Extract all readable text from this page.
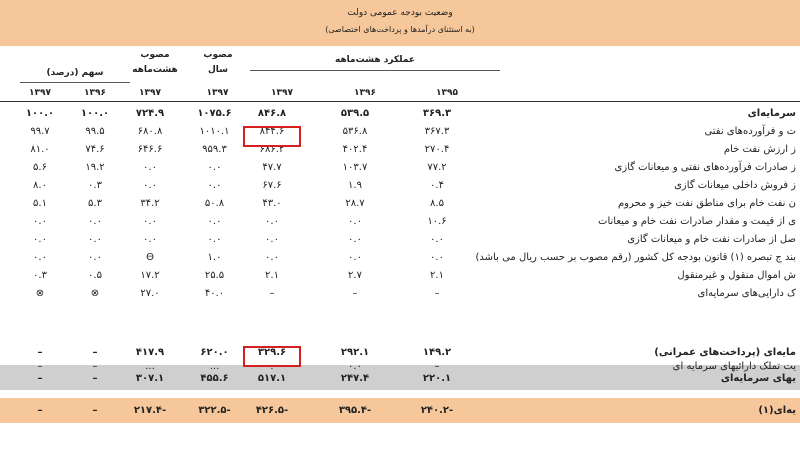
وضعیت بودجه عمومی دولت
(به استثنای درآمدها و پرداخت‌های اختصاصی)
سهم (درصد)
مصوب هشت‌ماهه
مصوب سال
عملکرد هشت‌ماهه
۱۳۹۷	۱۳۹۶	۱۳۹۷	۱۳۹۷	۱۳۹۷	۱۳۹۶	۱۳۹۵
۱۰۰.۰	۱۰۰.۰	۷۲۴.۹	۱۰۷۵.۶	۸۴۶.۸	۵۳۹.۵	۳۶۹.۳	سرمایه‌ای
۹۹.۷	۹۹.۵	۶۸۰.۸	۱۰۱۰.۱	۸۴۴.۶	۵۳۶.۸	۳۶۷.۳	ت و فرآورده‌های نفتی
۸۱.۰	۷۴.۶	۶۴۶.۶	۹۵۹.۳	۶۸۶.۲	۴۰۲.۴	۲۷۰.۴	ز ارزش نفت خام
۵.۶	۱۹.۲	۰.۰	۰.۰	۴۷.۷	۱۰۳.۷	۷۷.۲	ز صادرات فرآورده‌های نفتی و میعانات گازی
۸.۰	۰.۳	۰.۰	۰.۰	۶۷.۶	۱.۹	۰.۴	ز فروش داخلی میعانات گازی
۵.۱	۵.۳	۳۴.۲	۵۰.۸	۴۳.۰	۲۸.۷	۸.۵	ن نفت خام برای مناطق نفت خیز و محروم
۰.۰	۰.۰	۰.۰	۰.۰	۰.۰	۰.۰	۱۰.۶	ی از قیمت و مقدار صادرات نفت خام و میعانات
۰.۰	۰.۰	۰.۰	۰.۰	۰.۰	۰.۰	۰.۰	صل از صادرات نفت خام و میعانات گازی
۰.۰	۰.۰	Θ	۱.۰	۰.۰	۰.۰	۰.۰	بند ج تبصره (۱) قانون بودجه کل کشور (رقم مصوب بر حسب ریال می باشد)
۰.۳	۰.۵	۱۷.۲	۲۵.۵	۲.۱	۲.۷	۲.۱	ش اموال منقول و غیرمنقول
⊗	⊗	۲۷.۰	۴۰.۰	–	–	–	ک دارایی‌های سرمایه‌ای
–	–	۴۱۷.۹	۶۲۰.۰	۳۲۹.۶	۲۹۲.۱	۱۴۹.۲	مایه‌ای (پرداخت‌های عمرانی)
–	–	...	...	۰.۰	۰.۰	–	یت تملک دارائیهای سرمایه ای
–	–	۳۰۷.۱	۴۵۵.۶	۵۱۷.۱	۲۴۷.۴	۲۲۰.۱	یهای سرمایه‌ای
–	–	-۲۱۷.۴	-۳۲۲.۵	-۴۲۶.۵	-۳۹۵.۴	-۲۴۰.۲	یه‌ای(۱)
